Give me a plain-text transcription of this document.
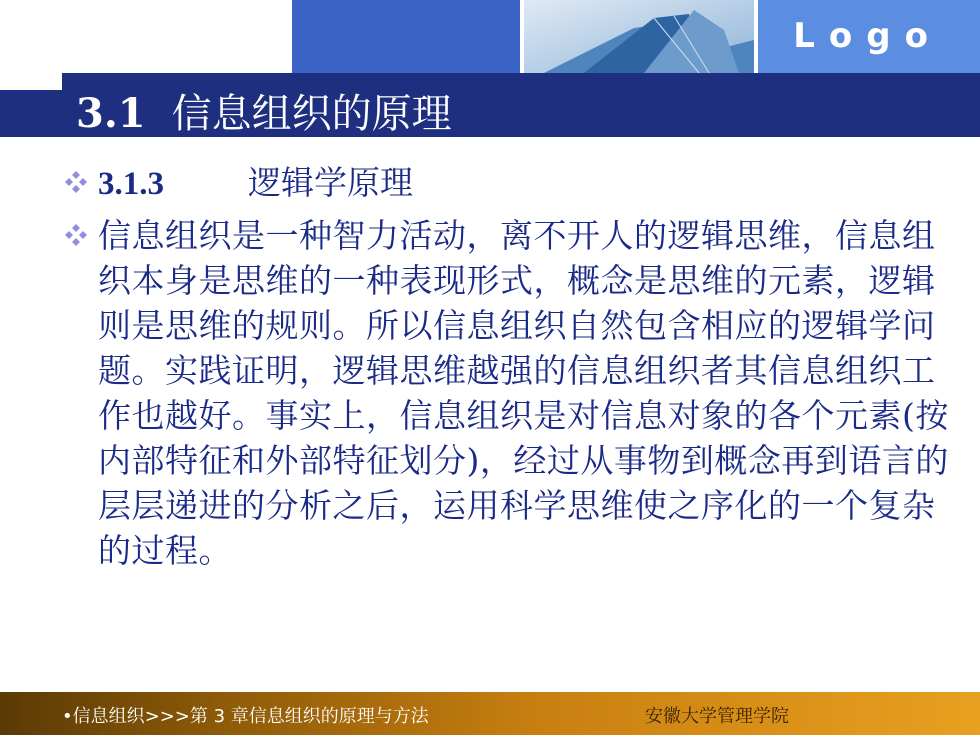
Logo
3.1 信息组织的原理
3.1.3	逻辑学原理
信息组织是一种智力活动，离不开人的逻辑思维，信息组织本身是思维的一种表现形式，概念是思维的元素，逻辑则是思维的规则。所以信息组织自然包含相应的逻辑学问题。实践证明，逻辑思维越强的信息组织者其信息组织工作也越好。事实上，信息组织是对信息对象的各个元素(按内部特征和外部特征划分)，经过从事物到概念再到语言的层层递进的分析之后，运用科学思维使之序化的一个复杂的过程。
•信息组织>>>第 3 章信息组织的原理与方法	安徽大学管理学院
